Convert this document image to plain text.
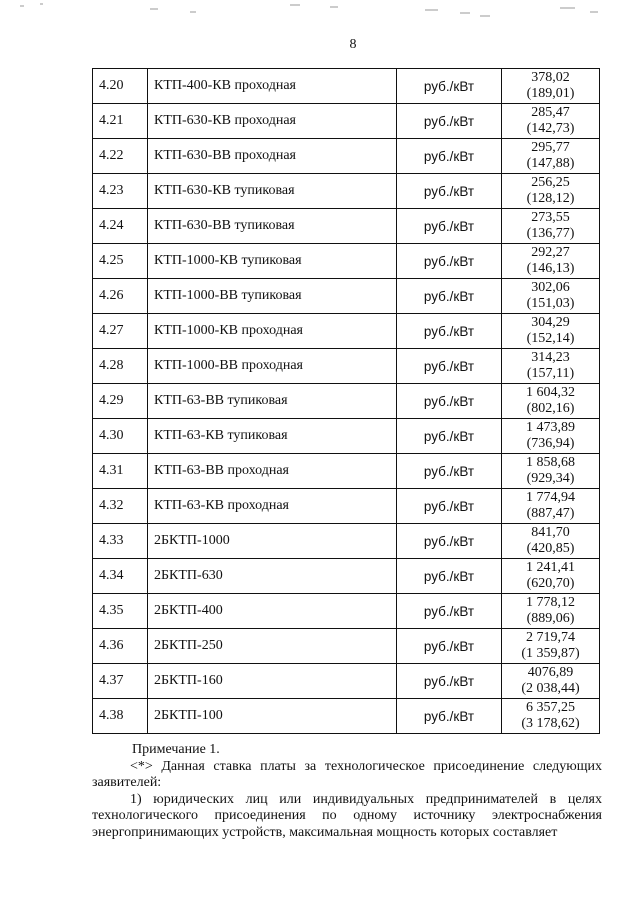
8
4.20	КТП-400-КВ проходная	руб./кВт	378,02
(189,01)

4.21	КТП-630-КВ проходная	руб./кВт	285,47
(142,73)

4.22	КТП-630-ВВ проходная	руб./кВт	295,77
(147,88)

4.23	КТП-630-КВ тупиковая	руб./кВт	256,25
(128,12)

4.24	КТП-630-ВВ тупиковая	руб./кВт	273,55
(136,77)

4.25	КТП-1000-КВ тупиковая	руб./кВт	292,27
(146,13)

4.26	КТП-1000-ВВ тупиковая	руб./кВт	302,06
(151,03)

4.27	КТП-1000-КВ проходная	руб./кВт	304,29
(152,14)

4.28	КТП-1000-ВВ проходная	руб./кВт	314,23
(157,11)

4.29	КТП-63-ВВ тупиковая	руб./кВт	1 604,32
(802,16)

4.30	КТП-63-КВ тупиковая	руб./кВт	1 473,89
(736,94)

4.31	КТП-63-ВВ проходная	руб./кВт	1 858,68
(929,34)

4.32	КТП-63-КВ проходная	руб./кВт	1 774,94
(887,47)

4.33	2БКТП-1000	руб./кВт	841,70
(420,85)

4.34	2БКТП-630	руб./кВт	1 241,41
(620,70)

4.35	2БКТП-400	руб./кВт	1 778,12
(889,06)

4.36	2БКТП-250	руб./кВт	2 719,74
(1 359,87)

4.37	2БКТП-160	руб./кВт	4076,89
(2 038,44)

4.38	2БКТП-100	руб./кВт	6 357,25
(3 178,62)

Примечание 1.

<*> Данная ставка платы за технологическое присоединение следующих заявителей:

1) юридических лиц или индивидуальных предпринимателей в целях технологического присоединения по одному источнику электроснабжения энергопринимающих устройств, максимальная мощность которых составляет
